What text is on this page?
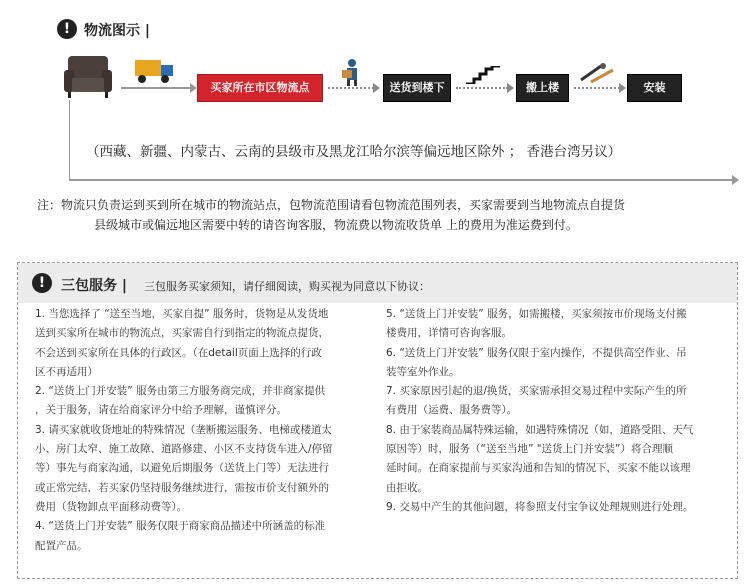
! 物流图示 |
买家所在市区物流点	送货到楼下	搬上楼	安装
（西藏、新疆、内蒙古、云南的县级市及黑龙江哈尔滨等偏远地区除外 ； 香港台湾另议）
注：物流只负责运到买到所在城市的物流站点，包物流范围请看包物流范围列表，买家需要到当地物流点自提货
县级城市或偏远地区需要中转的请咨询客服，物流费以物流收货单 上的费用为准运费到付。
!	三包服务 | 三包服务买家须知，请仔细阅读，购买视为同意以下协议：

1. 当您选择了 “送至当地，买家自提” 服务时，货物是从发货地

送到买家所在城市的物流点，买家需自行到指定的物流点提货，

不会送到买家所在具体的行政区。（在detail页面上选择的行政

区不再适用）

2. “送货上门并安装” 服务由第三方服务商完成，并非商家提供

，关于服务，请在给商家评分中给予理解，谨慎评分。

3. 请买家就收货地址的特殊情况（垄断搬运服务、电梯或楼道太

小、房门太窄、施工故障、道路修建、小区不支持货车进入/停留

等）事先与商家沟通，以避免后期服务（送货上门等）无法进行

或正常完结，若买家仍坚持服务继续进行，需按市价支付额外的

费用（货物卸点平面移动费等）。

4. “送货上门并安装” 服务仅限于商家商品描述中所涵盖的标准

配置产品。

5. “送货上门并安装” 服务，如需搬楼，买家须按市价现场支付搬

楼费用，详情可咨询客服。

6. “送货上门并安装” 服务仅限于室内操作，不提供高空作业、吊

装等室外作业。

7. 买家原因引起的退/换货，买家需承担交易过程中实际产生的所

有费用（运费、服务费等）。

8. 由于家装商品属特殊运输，如遇特殊情况（如，道路受阻、天气

原因等）时，服务（“送至当地” "送货上门并安装”）将合理顺

延时间。在商家提前与买家沟通和告知的情况下，买家不能以该理

由拒收。

9. 交易中产生的其他问题，将参照支付宝争议处理规则进行处理。
